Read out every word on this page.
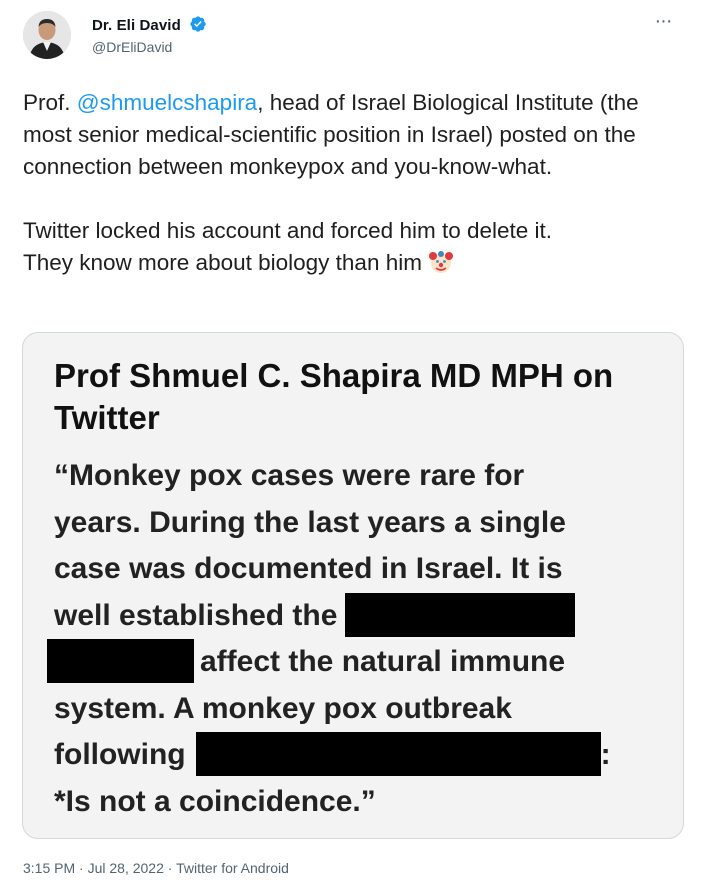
Dr. Eli David
@DrEliDavid
···

Prof. @shmuelcshapira, head of Israel Biological Institute (the most senior medical-scientific position in Israel) posted on the connection between monkeypox and you-know-what.

Twitter locked his account and forced him to delete it.
They know more about biology than him

Prof Shmuel C. Shapira MD MPH on Twitter
“Monkey pox cases were rare for
years. During the last years a single
case was documented in Israel. It is
well established the
affect the natural immune
system. A monkey pox outbreak
following	:
*Is not a coincidence.”
3:15 PM · Jul 28, 2022 · Twitter for Android
